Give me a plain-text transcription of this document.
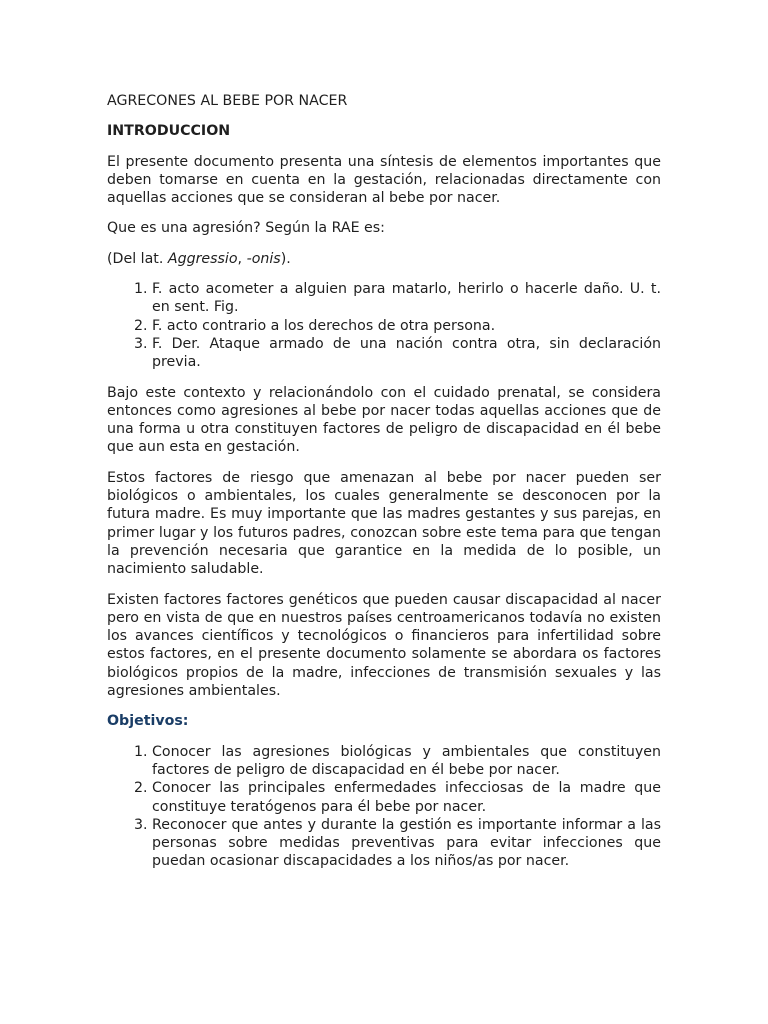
AGRECONES AL BEBE POR NACER
INTRODUCCION

El presente documento presenta una síntesis de elementos importantes que deben tomarse en cuenta en la gestación, relacionadas directamente con aquellas acciones que se consideran al bebe por nacer.

Que es una agresión? Según la RAE es:

(Del lat. Aggressio, -onis).

1. F. acto acometer a alguien para matarlo, herirlo o hacerle daño. U. t. en sent. Fig.
2. F. acto contrario a los derechos de otra persona.
3. F. Der. Ataque armado de una nación contra otra, sin declaración previa.

Bajo este contexto y relacionándolo con el cuidado prenatal, se considera entonces como agresiones al bebe por nacer todas aquellas acciones que de una forma u otra constituyen factores de peligro de discapacidad en él bebe que aun esta en gestación.

Estos factores de riesgo que amenazan al bebe por nacer pueden ser biológicos o ambientales, los cuales generalmente se desconocen por la futura madre. Es muy importante que las madres gestantes y sus parejas, en primer lugar y los futuros padres, conozcan sobre este tema para que tengan la prevención necesaria que garantice en la medida de lo posible, un nacimiento saludable.

Existen factores factores genéticos que pueden causar discapacidad al nacer pero en vista de que en nuestros países centroamericanos todavía no existen los avances científicos y tecnológicos o financieros para infertilidad sobre estos factores, en el presente documento solamente se abordara os factores biológicos propios de la madre, infecciones de transmisión sexuales y las agresiones ambientales.

Objetivos:
1. Conocer las agresiones biológicas y ambientales que constituyen factores de peligro de discapacidad en él bebe por nacer.
2. Conocer las principales enfermedades infecciosas de la madre que constituye teratógenos para él bebe por nacer.
3. Reconocer que antes y durante la gestión es importante informar a las personas sobre medidas preventivas para evitar infecciones que puedan ocasionar discapacidades a los niños/as por nacer.
